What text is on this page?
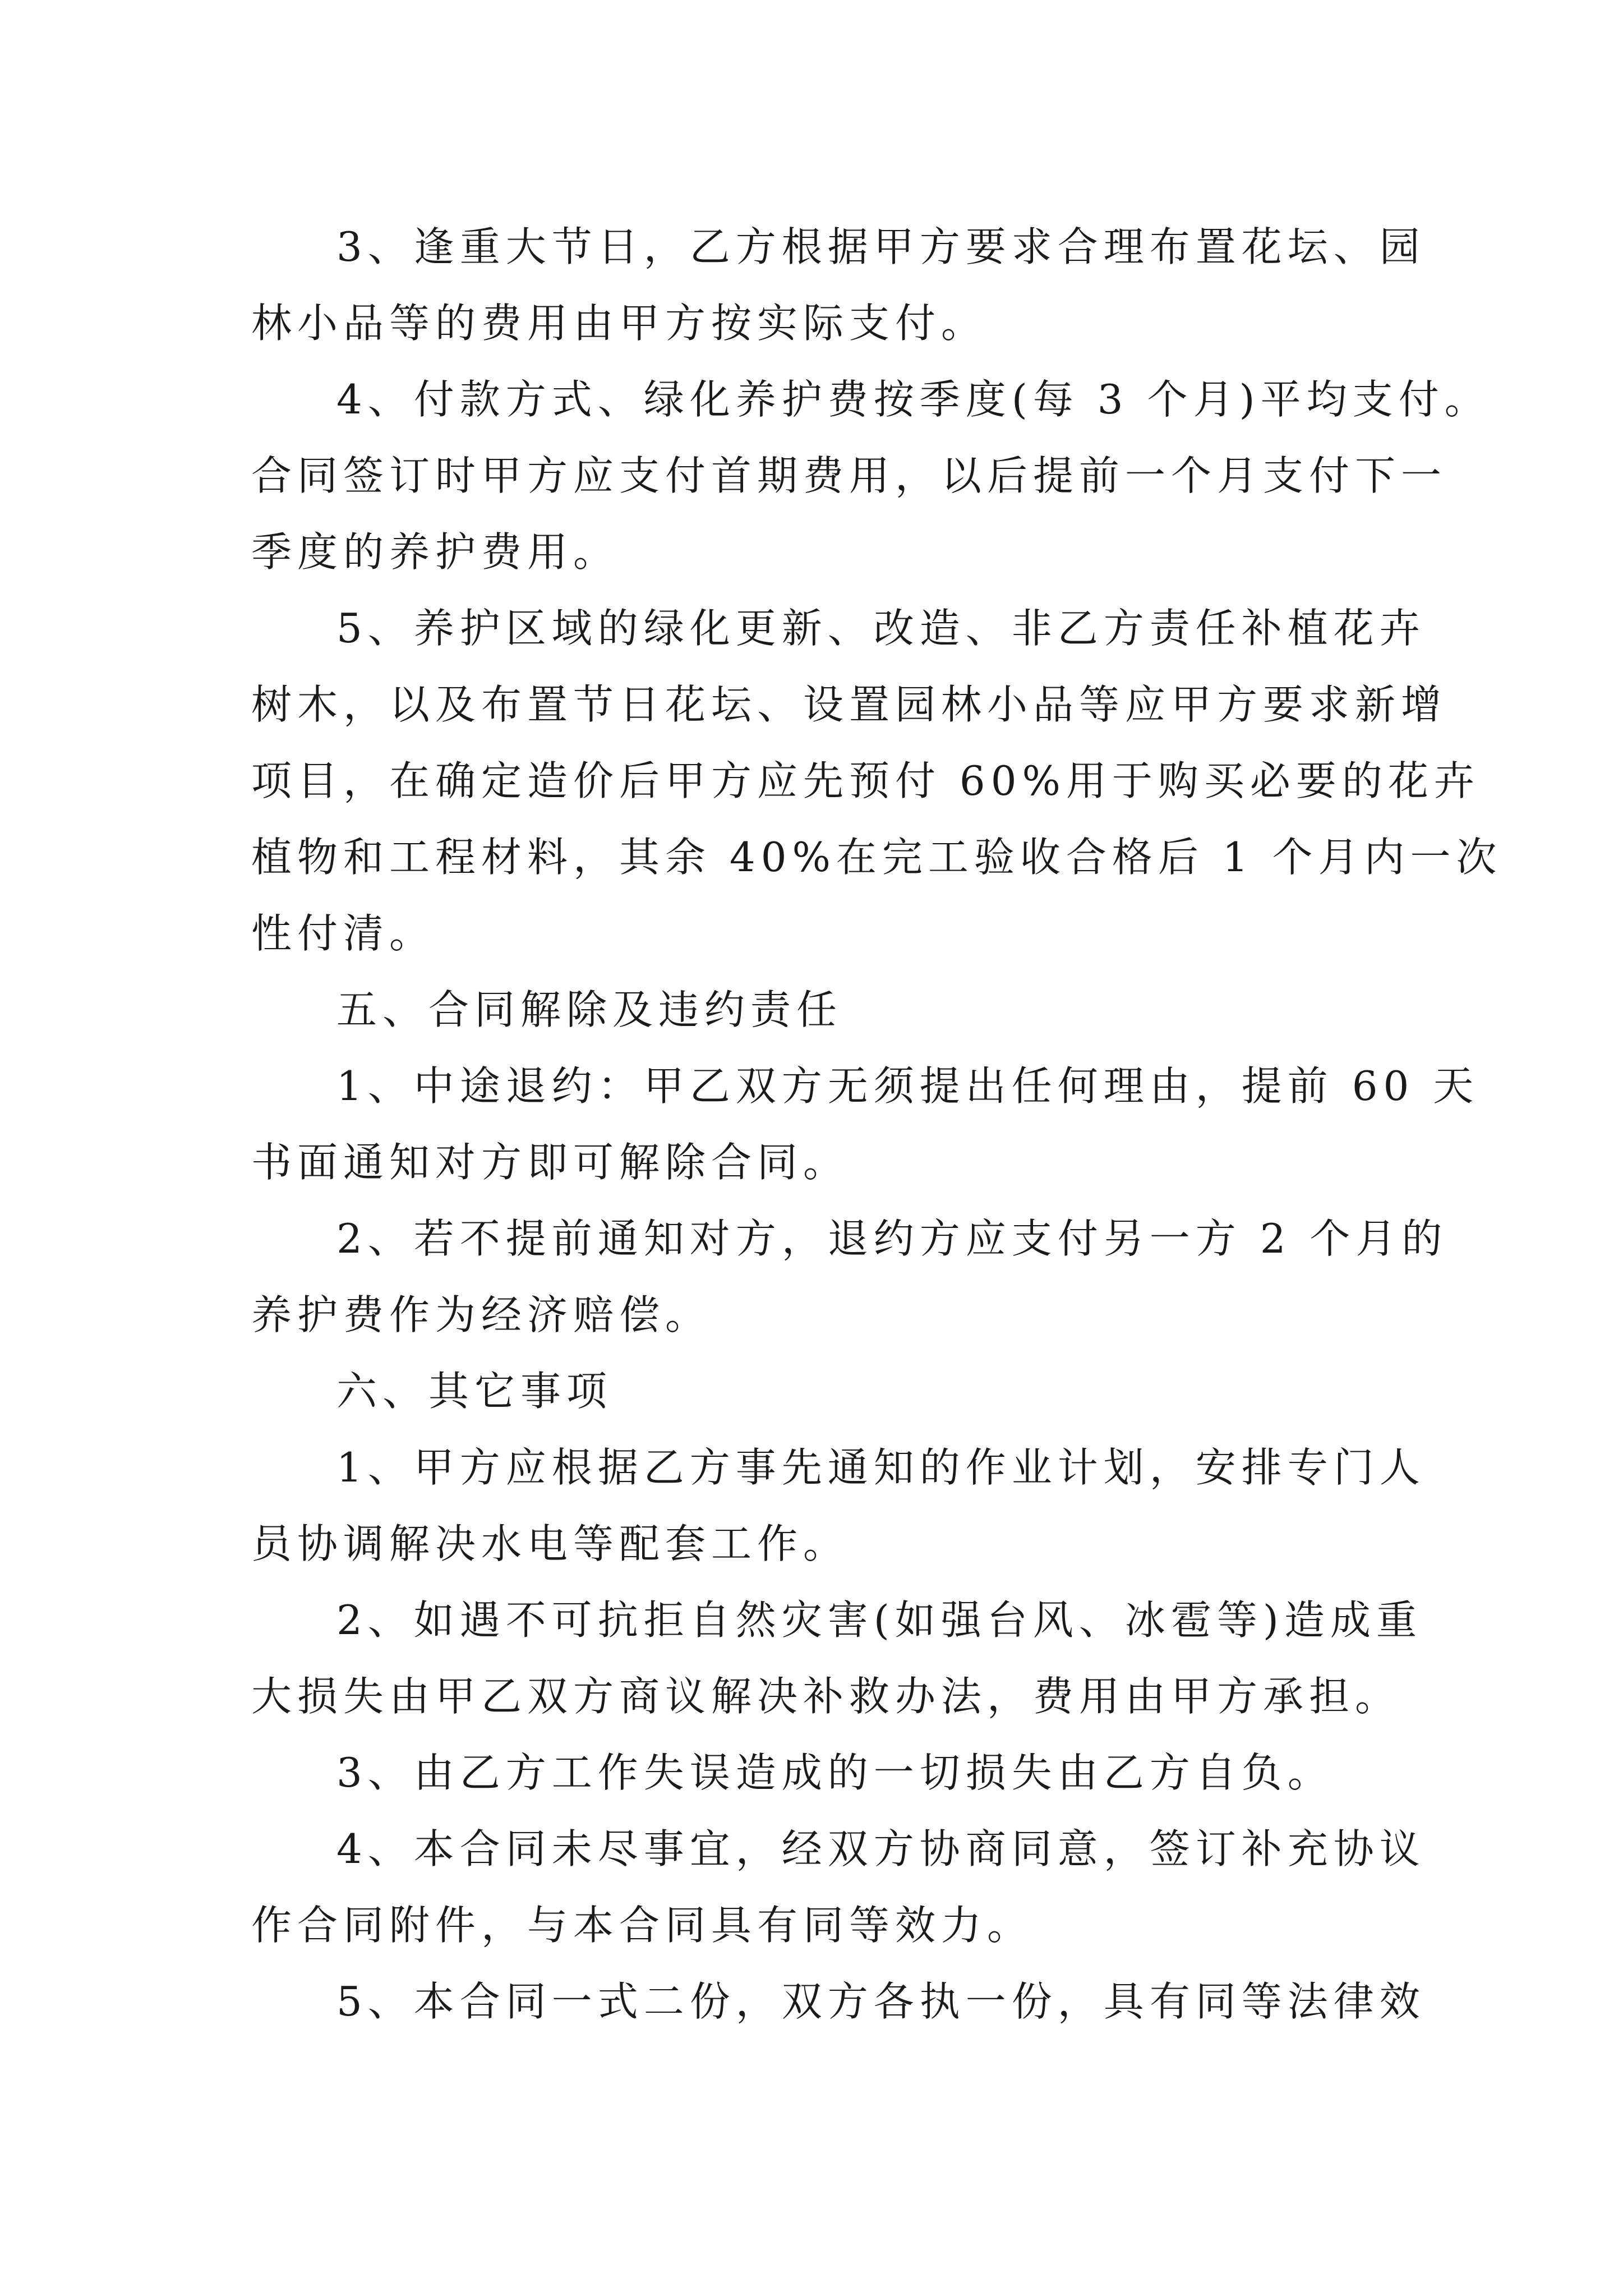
3、逢重大节日，乙方根据甲方要求合理布置花坛、园
林小品等的费用由甲方按实际支付。

4、付款方式、绿化养护费按季度(每 3 个月)平均支付。
合同签订时甲方应支付首期费用，以后提前一个月支付下一
季度的养护费用。

5、养护区域的绿化更新、改造、非乙方责任补植花卉
树木，以及布置节日花坛、设置园林小品等应甲方要求新增
项目，在确定造价后甲方应先预付 60%用于购买必要的花卉
植物和工程材料，其余 40%在完工验收合格后 1 个月内一次
性付清。

五、合同解除及违约责任

1、中途退约：甲乙双方无须提出任何理由，提前 60 天
书面通知对方即可解除合同。

2、若不提前通知对方，退约方应支付另一方 2 个月的
养护费作为经济赔偿。

六、其它事项

1、甲方应根据乙方事先通知的作业计划，安排专门人
员协调解决水电等配套工作。

2、如遇不可抗拒自然灾害(如强台风、冰雹等)造成重
大损失由甲乙双方商议解决补救办法，费用由甲方承担。

3、由乙方工作失误造成的一切损失由乙方自负。

4、本合同未尽事宜，经双方协商同意，签订补充协议
作合同附件，与本合同具有同等效力。

5、本合同一式二份，双方各执一份，具有同等法律效
